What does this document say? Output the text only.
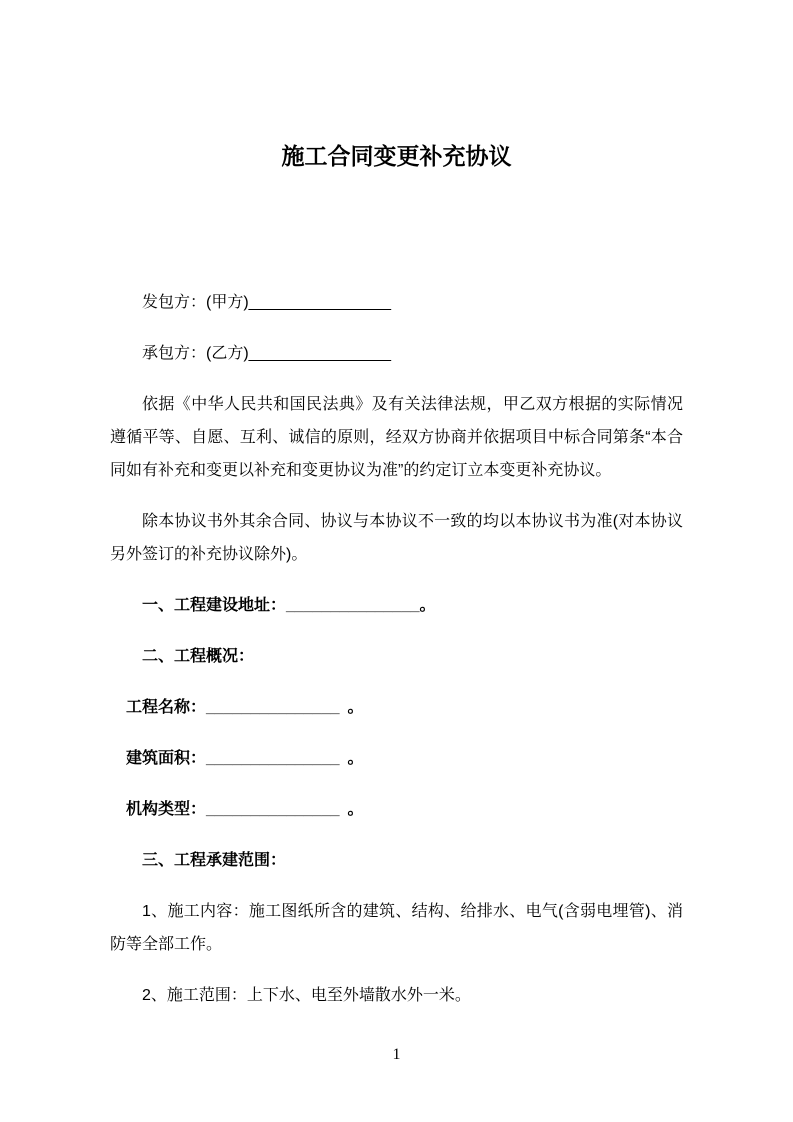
施工合同变更补充协议

发包方：(甲方)________________

承包方：(乙方)________________

依据《中华人民共和国民法典》及有关法律法规，甲乙双方根据的实际情况遵循平等、自愿、互利、诚信的原则，经双方协商并依据项目中标合同第条“本合同如有补充和变更以补充和变更协议为准”的约定订立本变更补充协议。

除本协议书外其余合同、协议与本协议不一致的均以本协议书为准(对本协议另外签订的补充协议除外)。

一、工程建设地址：_______________。

二、工程概况：

工程名称：_______________ 。

建筑面积：_______________ 。

机构类型：_______________ 。

三、工程承建范围：

1、施工内容：施工图纸所含的建筑、结构、给排水、电气(含弱电埋管)、消防等全部工作。

2、施工范围：上下水、电至外墙散水外一米。

1
